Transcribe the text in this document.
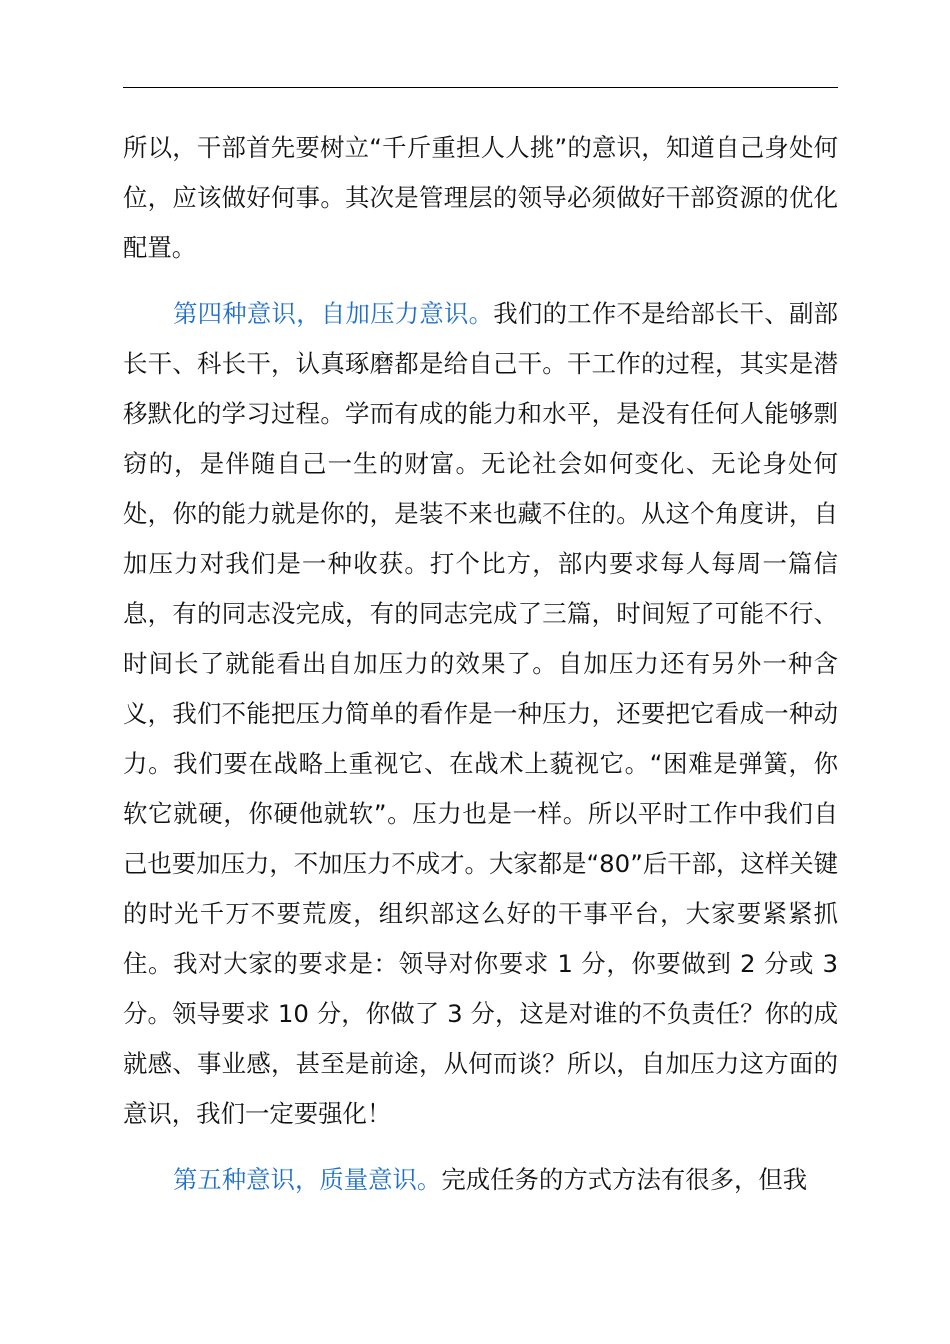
所以，干部首先要树立“千斤重担人人挑”的意识，知道自己身处何位，应该做好何事。其次是管理层的领导必须做好干部资源的优化配置。

第四种意识，自加压力意识。我们的工作不是给部长干、副部长干、科长干，认真琢磨都是给自己干。干工作的过程，其实是潜移默化的学习过程。学而有成的能力和水平，是没有任何人能够剽窃的，是伴随自己一生的财富。无论社会如何变化、无论身处何处，你的能力就是你的，是装不来也藏不住的。从这个角度讲，自加压力对我们是一种收获。打个比方，部内要求每人每周一篇信息，有的同志没完成，有的同志完成了三篇，时间短了可能不行、时间长了就能看出自加压力的效果了。自加压力还有另外一种含义，我们不能把压力简单的看作是一种压力，还要把它看成一种动力。我们要在战略上重视它、在战术上藐视它。“困难是弹簧，你软它就硬，你硬他就软”。压力也是一样。所以平时工作中我们自己也要加压力，不加压力不成才。大家都是“80”后干部，这样关键的时光千万不要荒废，组织部这么好的干事平台，大家要紧紧抓住。我对大家的要求是：领导对你要求 1 分，你要做到 2 分或 3 分。领导要求 10 分，你做了 3 分，这是对谁的不负责任？你的成就感、事业感，甚至是前途，从何而谈？所以，自加压力这方面的意识，我们一定要强化！

第五种意识，质量意识。完成任务的方式方法有很多，但我
